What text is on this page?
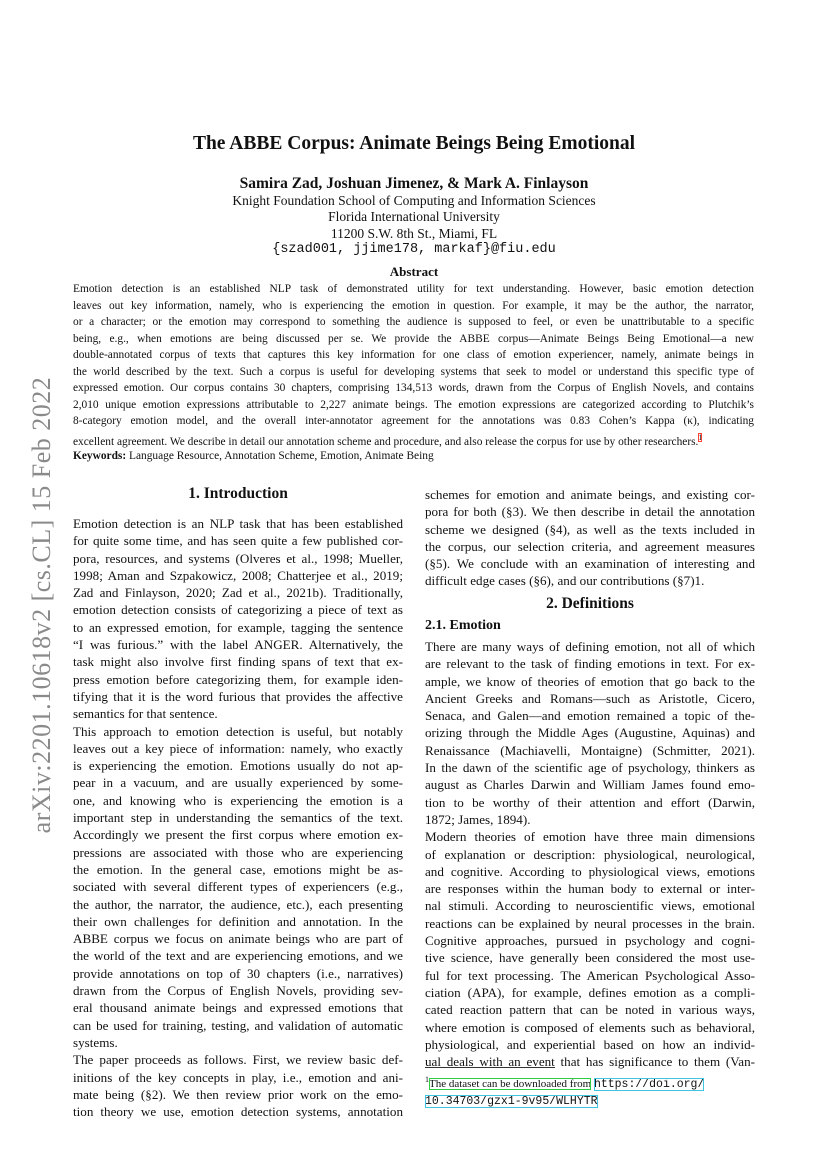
arXiv:2201.10618v2 [cs.CL] 15 Feb 2022
The ABBE Corpus: Animate Beings Being Emotional
Samira Zad, Joshuan Jimenez, & Mark A. Finlayson
Knight Foundation School of Computing and Information Sciences
Florida International University
11200 S.W. 8th St., Miami, FL
{szad001, jjime178, markaf}@fiu.edu
Abstract
Emotion detection is an established NLP task of demonstrated utility for text understanding. However, basic emotion detection
leaves out key information, namely, who is experiencing the emotion in question. For example, it may be the author, the narrator,
or a character; or the emotion may correspond to something the audience is supposed to feel, or even be unattributable to a specific
being, e.g., when emotions are being discussed per se. We provide the ABBE corpus—Animate Beings Being Emotional—a new
double-annotated corpus of texts that captures this key information for one class of emotion experiencer, namely, animate beings in
the world described by the text. Such a corpus is useful for developing systems that seek to model or understand this specific type of
expressed emotion. Our corpus contains 30 chapters, comprising 134,513 words, drawn from the Corpus of English Novels, and contains
2,010 unique emotion expressions attributable to 2,227 animate beings. The emotion expressions are categorized according to Plutchik’s
8-category emotion model, and the overall inter-annotator agreement for the annotations was 0.83 Cohen’s Kappa (κ), indicating
excellent agreement. We describe in detail our annotation scheme and procedure, and also release the corpus for use by other researchers.$^1$
Keywords: Language Resource, Annotation Scheme, Emotion, Animate Being
1. Introduction
Emotion detection is an NLP task that has been established
for quite some time, and has seen quite a few published cor-
pora, resources, and systems (Olveres et al., 1998; Mueller,
1998; Aman and Szpakowicz, 2008; Chatterjee et al., 2019;
Zad and Finlayson, 2020; Zad et al., 2021b). Traditionally,
emotion detection consists of categorizing a piece of text as
to an expressed emotion, for example, tagging the sentence
“I was furious.” with the label ANGER. Alternatively, the
task might also involve first finding spans of text that ex-
press emotion before categorizing them, for example iden-
tifying that it is the word furious that provides the affective
semantics for that sentence.
This approach to emotion detection is useful, but notably
leaves out a key piece of information: namely, who exactly
is experiencing the emotion. Emotions usually do not ap-
pear in a vacuum, and are usually experienced by some-
one, and knowing who is experiencing the emotion is a
important step in understanding the semantics of the text.
Accordingly we present the first corpus where emotion ex-
pressions are associated with those who are experiencing
the emotion. In the general case, emotions might be as-
sociated with several different types of experiencers (e.g.,
the author, the narrator, the audience, etc.), each presenting
their own challenges for definition and annotation. In the
ABBE corpus we focus on animate beings who are part of
the world of the text and are experiencing emotions, and we
provide annotations on top of 30 chapters (i.e., narratives)
drawn from the Corpus of English Novels, providing sev-
eral thousand animate beings and expressed emotions that
can be used for training, testing, and validation of automatic
systems.
The paper proceeds as follows. First, we review basic def-
initions of the key concepts in play, i.e., emotion and ani-
mate being (§2). We then review prior work on the emo-
tion theory we use, emotion detection systems, annotation
schemes for emotion and animate beings, and existing cor-
pora for both (§3). We then describe in detail the annotation
scheme we designed (§4), as well as the texts included in
the corpus, our selection criteria, and agreement measures
(§5). We conclude with an examination of interesting and
difficult edge cases (§6), and our contributions (§7)1.
2. Definitions
2.1. Emotion
There are many ways of defining emotion, not all of which
are relevant to the task of finding emotions in text. For ex-
ample, we know of theories of emotion that go back to the
Ancient Greeks and Romans—such as Aristotle, Cicero,
Senaca, and Galen—and emotion remained a topic of the-
orizing through the Middle Ages (Augustine, Aquinas) and
Renaissance (Machiavelli, Montaigne) (Schmitter, 2021).
In the dawn of the scientific age of psychology, thinkers as
august as Charles Darwin and William James found emo-
tion to be worthy of their attention and effort (Darwin,
1872; James, 1894).
Modern theories of emotion have three main dimensions
of explanation or description: physiological, neurological,
and cognitive. According to physiological views, emotions
are responses within the human body to external or inter-
nal stimuli. According to neuroscientific views, emotional
reactions can be explained by neural processes in the brain.
Cognitive approaches, pursued in psychology and cogni-
tive science, have generally been considered the most use-
ful for text processing. The American Psychological Asso-
ciation (APA), for example, defines emotion as a compli-
cated reaction pattern that can be noted in various ways,
where emotion is composed of elements such as behavioral,
physiological, and experiential based on how an individ-
ual deals with an event that has significance to them (Van-
$^1$The dataset can be downloaded from https://doi.org/
10.34703/gzx1-9v95/WLHYTR
